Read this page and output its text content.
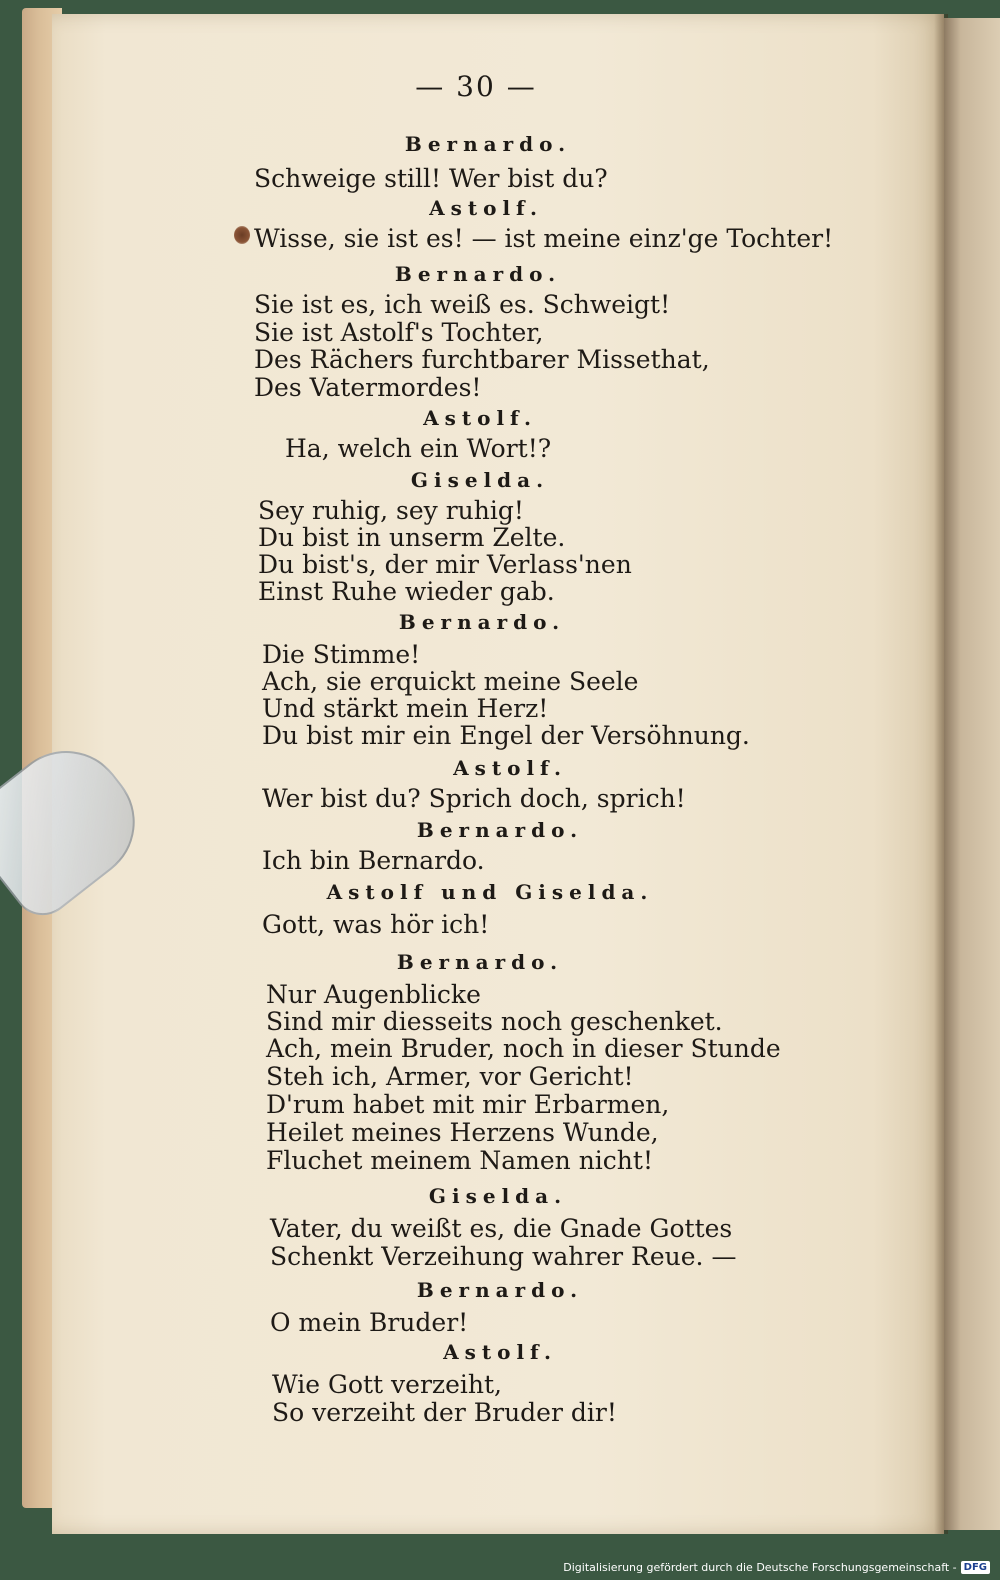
— 30 —
Bernardo.
Schweige still! Wer bist du?
Astolf.
Wisse, sie ist es! — ist meine einz'ge Tochter!
Bernardo.
Sie ist es, ich weiß es. Schweigt!
Sie ist Astolf's Tochter,
Des Rächers furchtbarer Missethat,
Des Vatermordes!
Astolf.
Ha, welch ein Wort!?
Giselda.
Sey ruhig, sey ruhig!
Du bist in unserm Zelte.
Du bist's, der mir Verlass'nen
Einst Ruhe wieder gab.
Bernardo.
Die Stimme!
Ach, sie erquickt meine Seele
Und stärkt mein Herz!
Du bist mir ein Engel der Versöhnung.
Astolf.
Wer bist du? Sprich doch, sprich!
Bernardo.
Ich bin Bernardo.
Astolf und Giselda.
Gott, was hör ich!
Bernardo.
Nur Augenblicke
Sind mir diesseits noch geschenket.
Ach, mein Bruder, noch in dieser Stunde
Steh ich, Armer, vor Gericht!
D'rum habet mit mir Erbarmen,
Heilet meines Herzens Wunde,
Fluchet meinem Namen nicht!
Giselda.
Vater, du weißt es, die Gnade Gottes
Schenkt Verzeihung wahrer Reue. —
Bernardo.
O mein Bruder!
Astolf.
Wie Gott verzeiht,
So verzeiht der Bruder dir!
Digitalisierung gefördert durch die Deutsche Forschungsgemeinschaft - DFG
